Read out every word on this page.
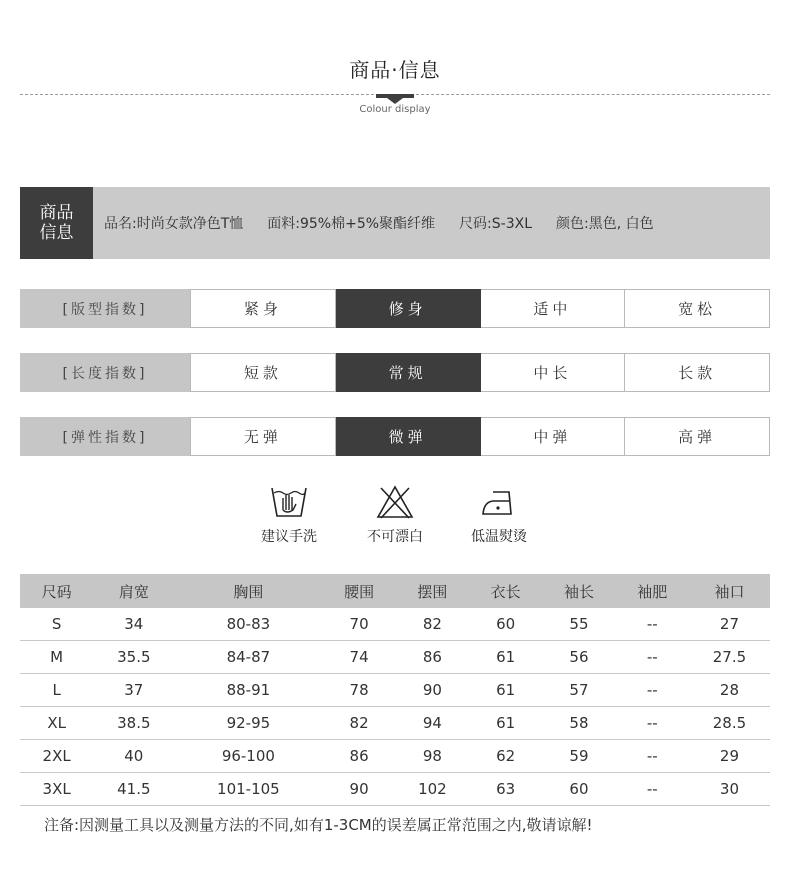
商品·信息
Colour display
商品
信息 品名:时尚女款净色T恤 面料:95%棉+5%聚酯纤维 尺码:S-3XL 颜色:黑色, 白色
[版型指数]	紧身	修身	适中	宽松
[长度指数]	短款	常规	中长	长款
[弹性指数]	无弹	微弹	中弹	高弹
建议手洗	不可漂白	低温熨烫
尺码	肩宽	胸围	腰围	摆围	衣长	袖长	袖肥	袖口
S	34	80-83	70	82	60	55	--	27
M	35.5	84-87	74	86	61	56	--	27.5
L	37	88-91	78	90	61	57	--	28
XL	38.5	92-95	82	94	61	58	--	28.5
2XL	40	96-100	86	98	62	59	--	29
3XL	41.5	101-105	90	102	63	60	--	30
注备:因测量工具以及测量方法的不同,如有1-3CM的误差属正常范围之内,敬请谅解!
